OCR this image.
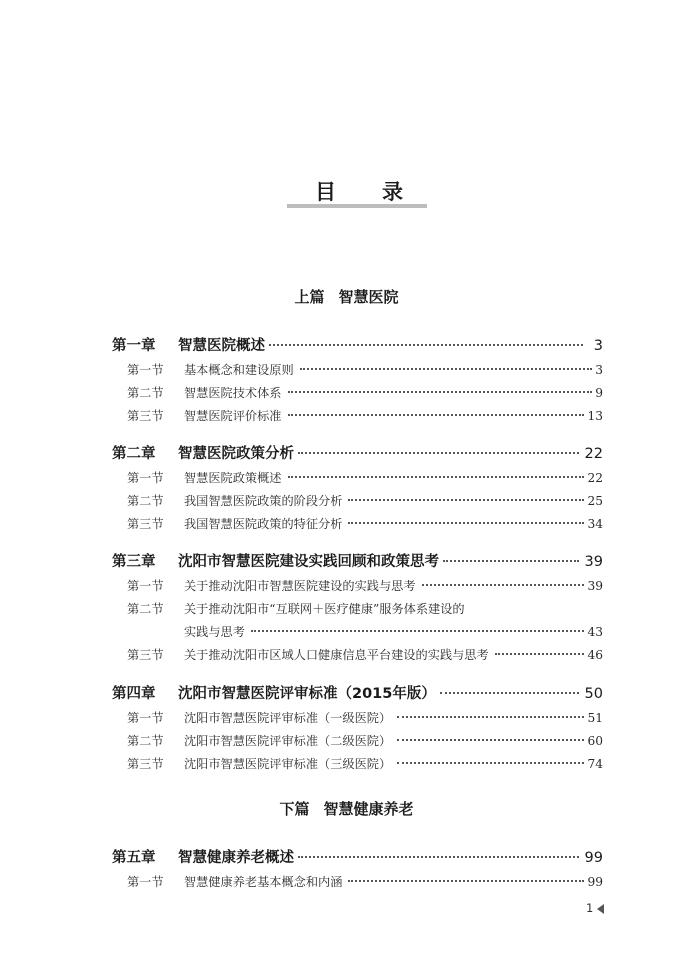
目 录
上篇 智慧医院
第一章	智慧医院概述	3
第一节	基本概念和建设原则	3
第二节	智慧医院技术体系	9
第三节	智慧医院评价标准	13
第二章	智慧医院政策分析	22
第一节	智慧医院政策概述	22
第二节	我国智慧医院政策的阶段分析	25
第三节	我国智慧医院政策的特征分析	34
第三章	沈阳市智慧医院建设实践回顾和政策思考	39
第一节	关于推动沈阳市智慧医院建设的实践与思考	39
第二节	关于推动沈阳市“互联网＋医疗健康”服务体系建设的
实践与思考	43
第三节	关于推动沈阳市区域人口健康信息平台建设的实践与思考	46
第四章	沈阳市智慧医院评审标准（2015年版）	50
第一节	沈阳市智慧医院评审标准（一级医院）	51
第二节	沈阳市智慧医院评审标准（二级医院）	60
第三节	沈阳市智慧医院评审标准（三级医院）	74
下篇 智慧健康养老
第五章	智慧健康养老概述	99
第一节	智慧健康养老基本概念和内涵	99
1
